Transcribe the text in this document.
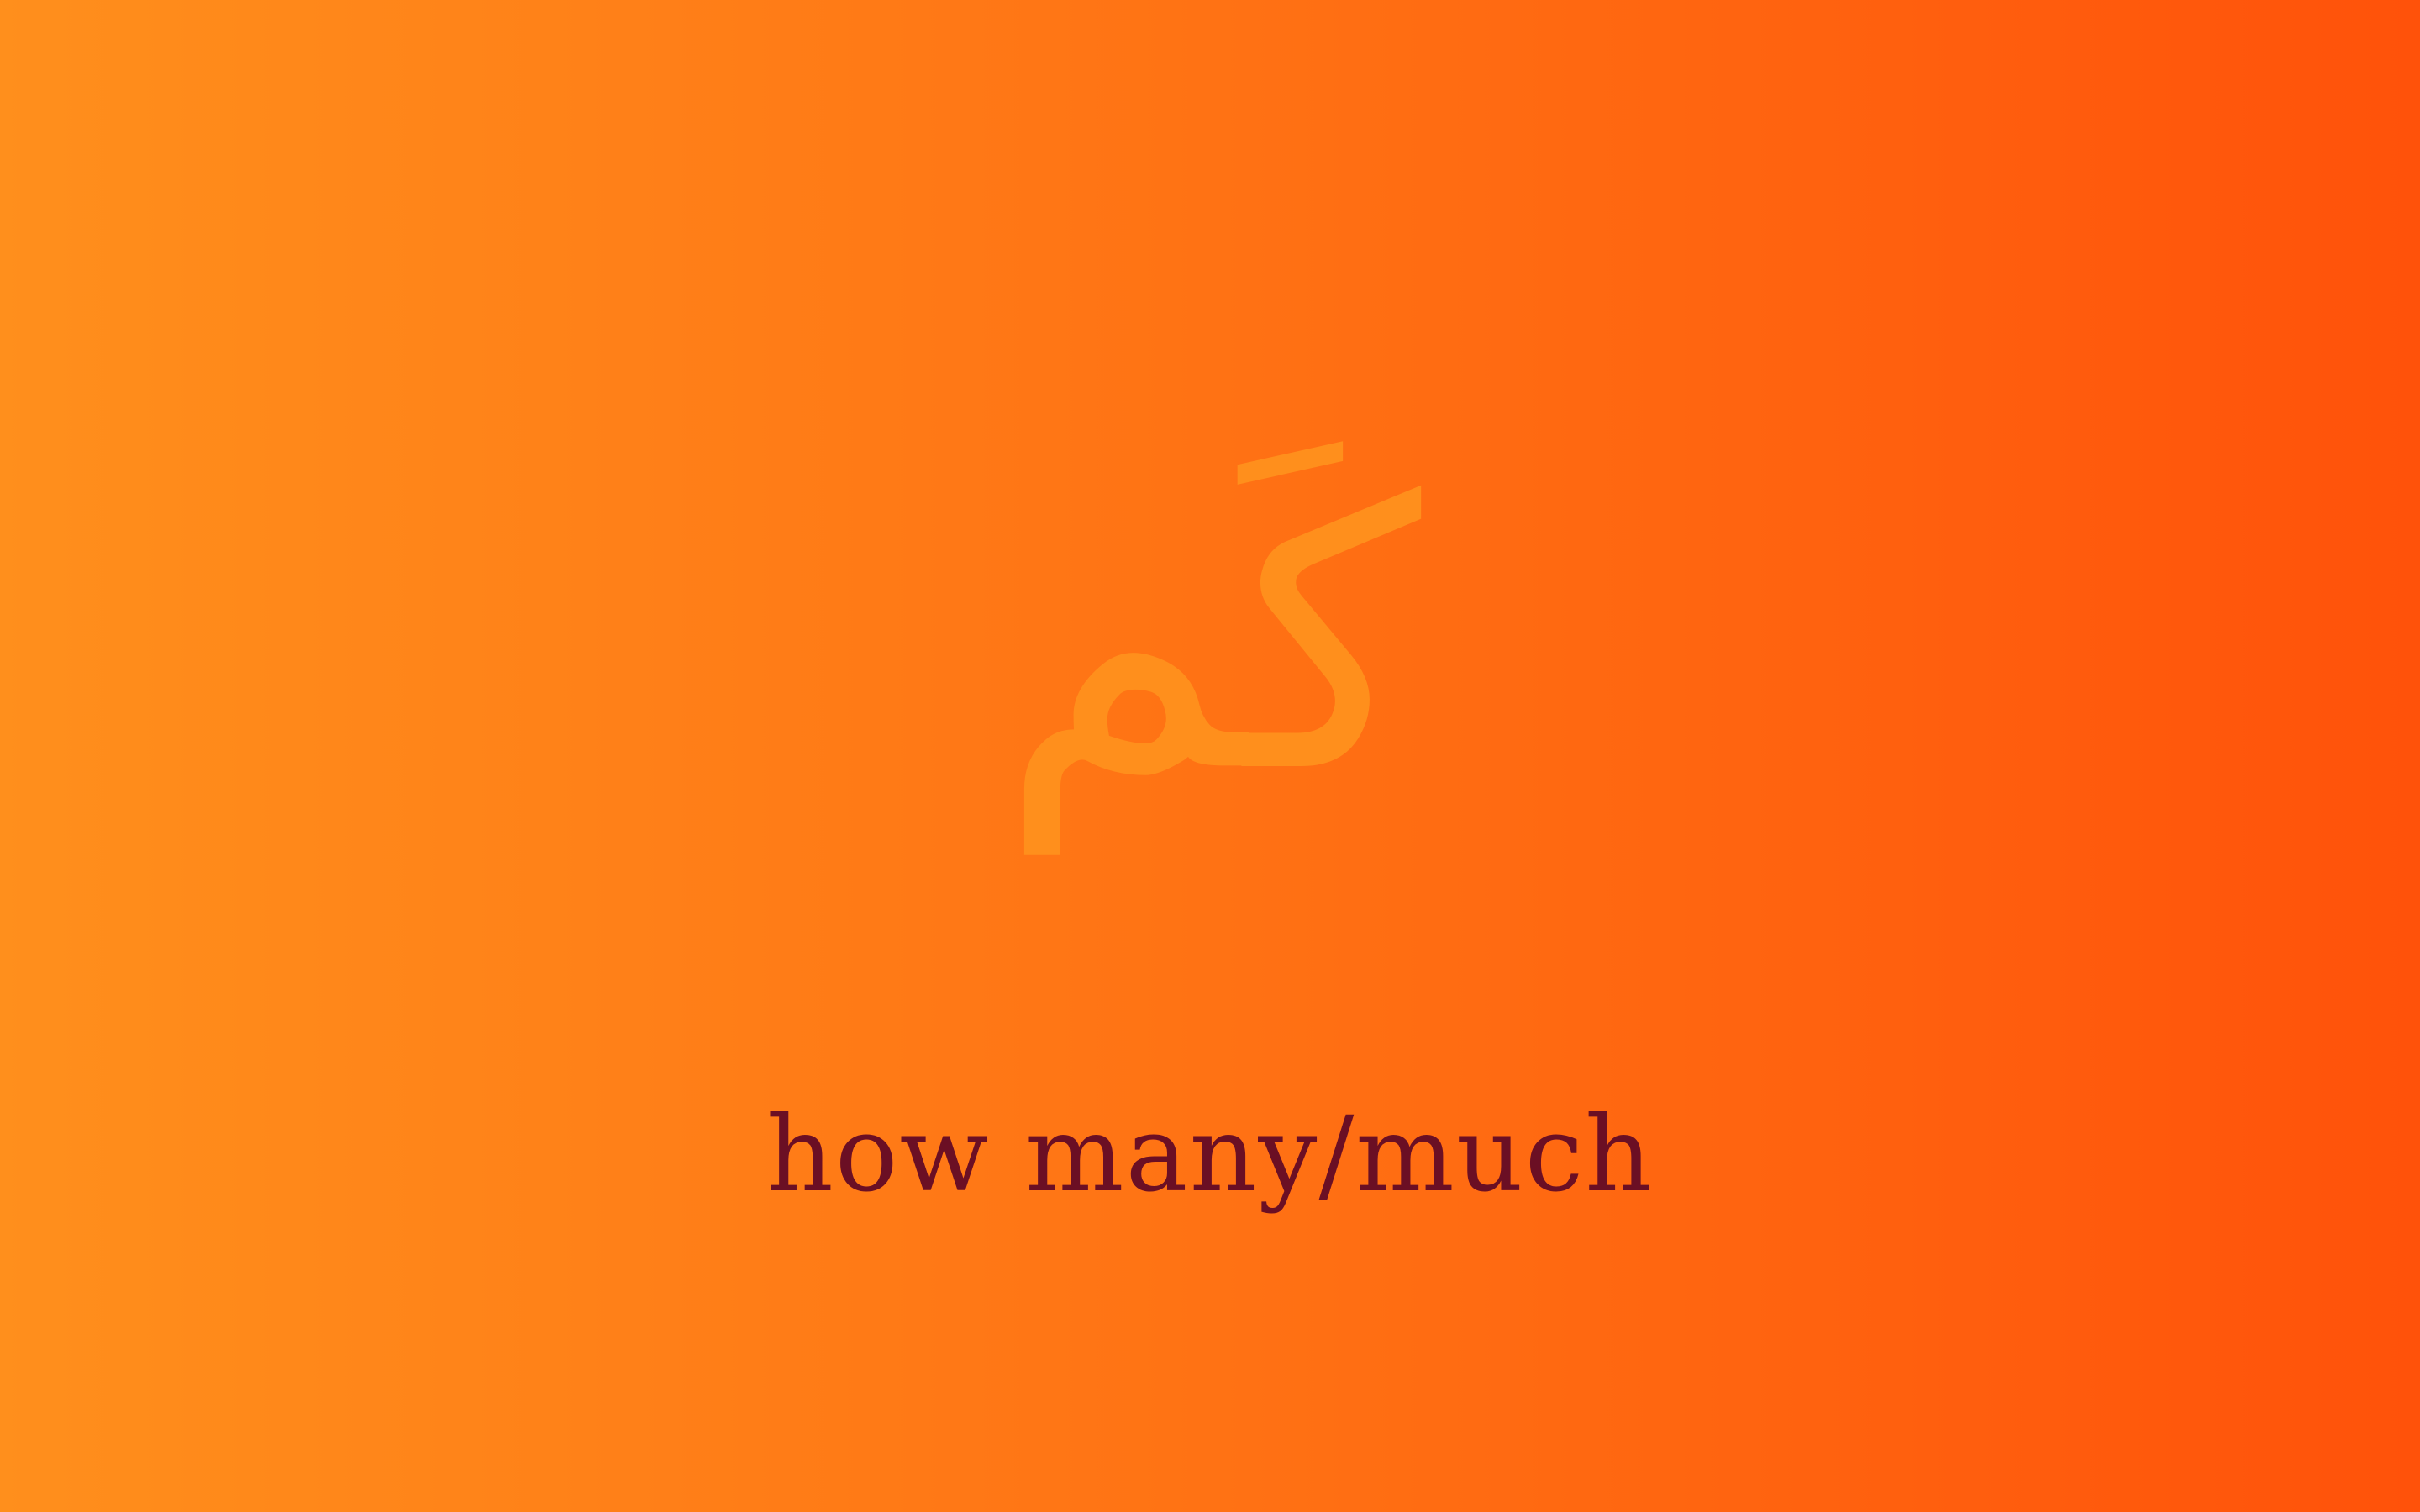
كَم
how many/much
